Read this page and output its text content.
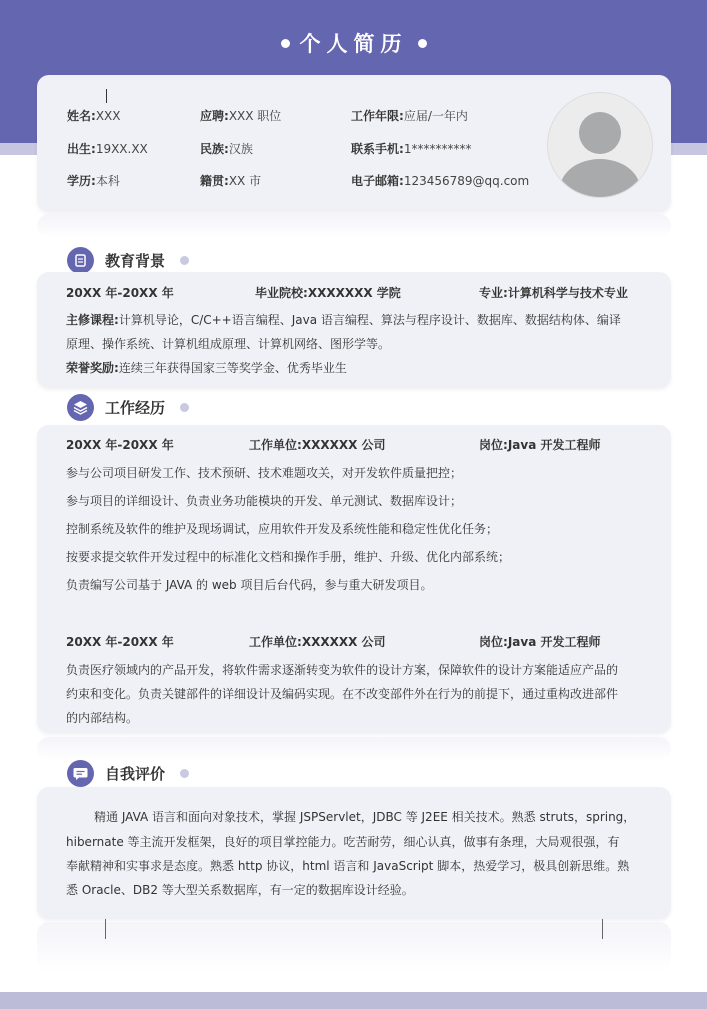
个人简历
姓名:XXX	应聘:XXX 职位	工作年限:应届/一年内
出生:19XX.XX	民族:汉族	联系手机:1**********
学历:本科	籍贯:XX 市	电子邮箱:123456789@qq.com
教育背景
20XX 年-20XX 年	毕业院校:XXXXXXX 学院	专业:计算机科学与技术专业
主修课程:计算机导论，C/C++语言编程、Java 语言编程、算法与程序设计、数据库、数据结构体、编译
原理、操作系统、计算机组成原理、计算机网络、图形学等。
荣誉奖励:连续三年获得国家三等奖学金、优秀毕业生
工作经历
20XX 年-20XX 年	工作单位:XXXXXX 公司	岗位:Java 开发工程师
参与公司项目研发工作、技术预研、技术难题攻关，对开发软件质量把控；
参与项目的详细设计、负责业务功能模块的开发、单元测试、数据库设计；
控制系统及软件的维护及现场调试，应用软件开发及系统性能和稳定性优化任务；
按要求提交软件开发过程中的标准化文档和操作手册，维护、升级、优化内部系统；
负责编写公司基于 JAVA 的 web 项目后台代码，参与重大研发项目。
20XX 年-20XX 年	工作单位:XXXXXX 公司	岗位:Java 开发工程师
负责医疗领域内的产品开发，将软件需求逐渐转变为软件的设计方案，保障软件的设计方案能适应产品的
约束和变化。负责关键部件的详细设计及编码实现。在不改变部件外在行为的前提下，通过重构改进部件
的内部结构。
自我评价
精通 JAVA 语言和面向对象技术，掌握 JSPServlet，JDBC 等 J2EE 相关技术。熟悉 struts，spring，
hibernate 等主流开发框架，良好的项目掌控能力。吃苦耐劳，细心认真，做事有条理，大局观很强，有
奉献精神和实事求是态度。熟悉 http 协议，html 语言和 JavaScript 脚本，热爱学习，极具创新思维。熟
悉 Oracle、DB2 等大型关系数据库，有一定的数据库设计经验。
